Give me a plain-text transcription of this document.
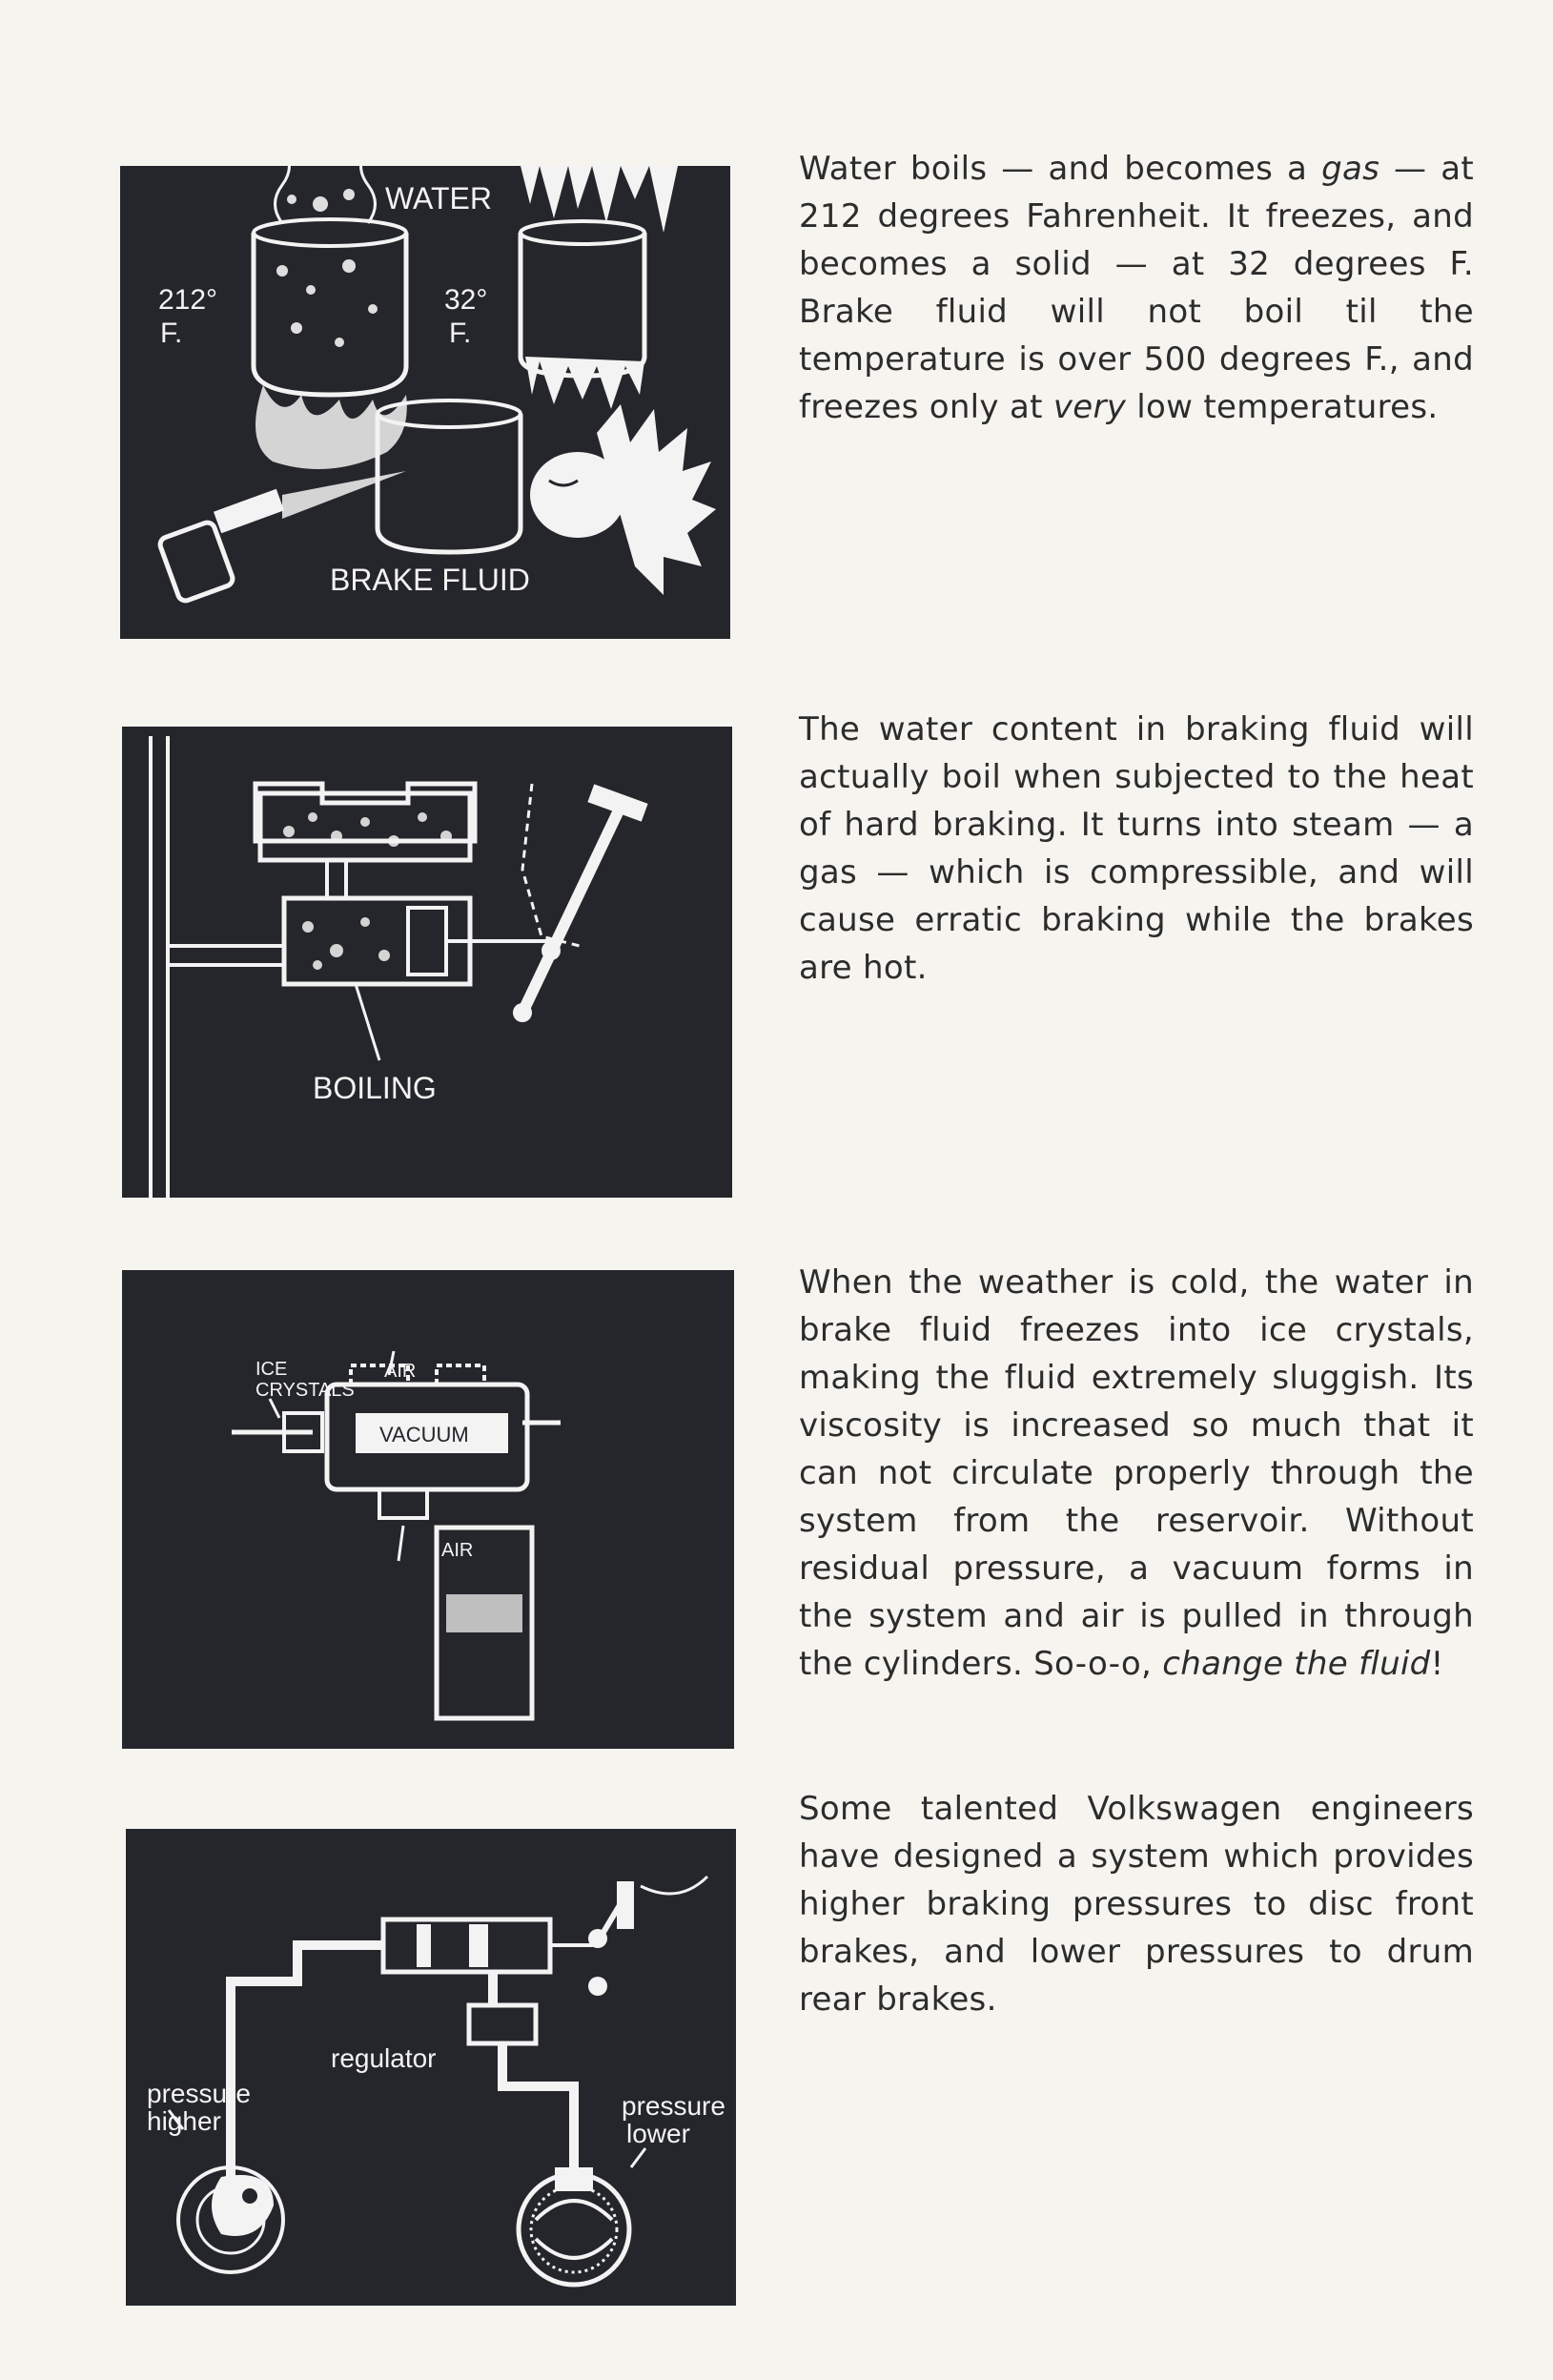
WATER
212°
F.
32°
F.
BRAKE FLUID
Water boils — and becomes a gas — at 212 degrees Fahrenheit. It freezes, and becomes a solid — at 32 degrees F. Brake fluid will not boil til the temperature is over 500 degrees F., and freezes only at very low temperatures.
BOILING
The water content in braking fluid will actually boil when subjected to the heat of hard braking. It turns into steam — a gas — which is compressible, and will cause erratic braking while the brakes are hot.
VACUUM
ICE
CRYSTALS
AIR
AIR
When the weather is cold, the water in brake fluid freezes into ice crystals, making the fluid extremely sluggish. Its viscosity is increased so much that it can not circulate properly through the system from the reservoir. Without residual pressure, a vacuum forms in the system and air is pulled in through the cylinders. So-o-o, change the fluid!
regulator
pressure
higher
pressure
lower
Some talented Volkswagen engineers have designed a system which provides higher braking pressures to disc front brakes, and lower pressures to drum rear brakes.
